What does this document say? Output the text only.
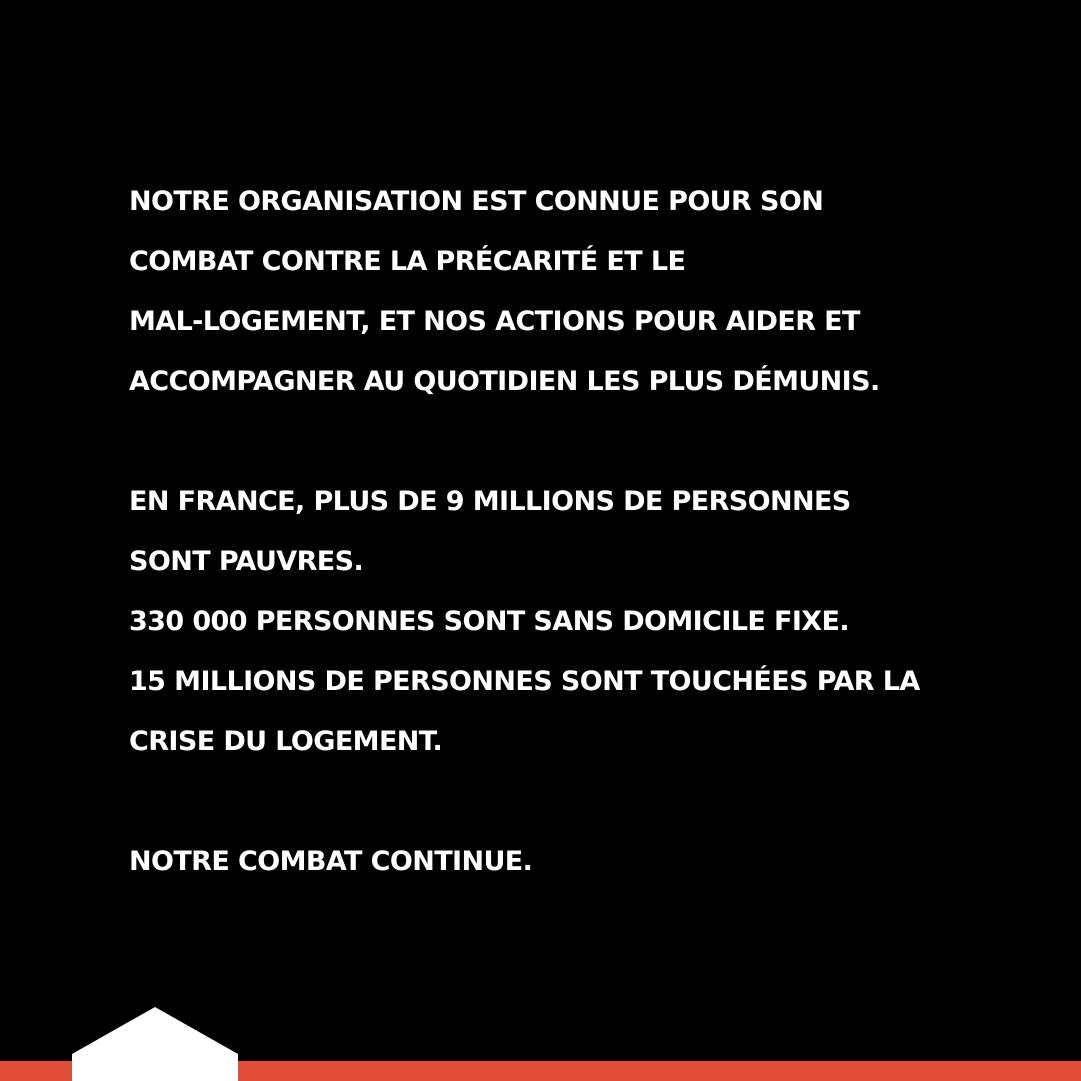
NOTRE ORGANISATION EST CONNUE POUR SON
COMBAT CONTRE LA PRÉCARITÉ ET LE
MAL-LOGEMENT, ET NOS ACTIONS POUR AIDER ET
ACCOMPAGNER AU QUOTIDIEN LES PLUS DÉMUNIS.
EN FRANCE, PLUS DE 9 MILLIONS DE PERSONNES
SONT PAUVRES.
330 000 PERSONNES SONT SANS DOMICILE FIXE.
15 MILLIONS DE PERSONNES SONT TOUCHÉES PAR LA
CRISE DU LOGEMENT.
NOTRE COMBAT CONTINUE.
